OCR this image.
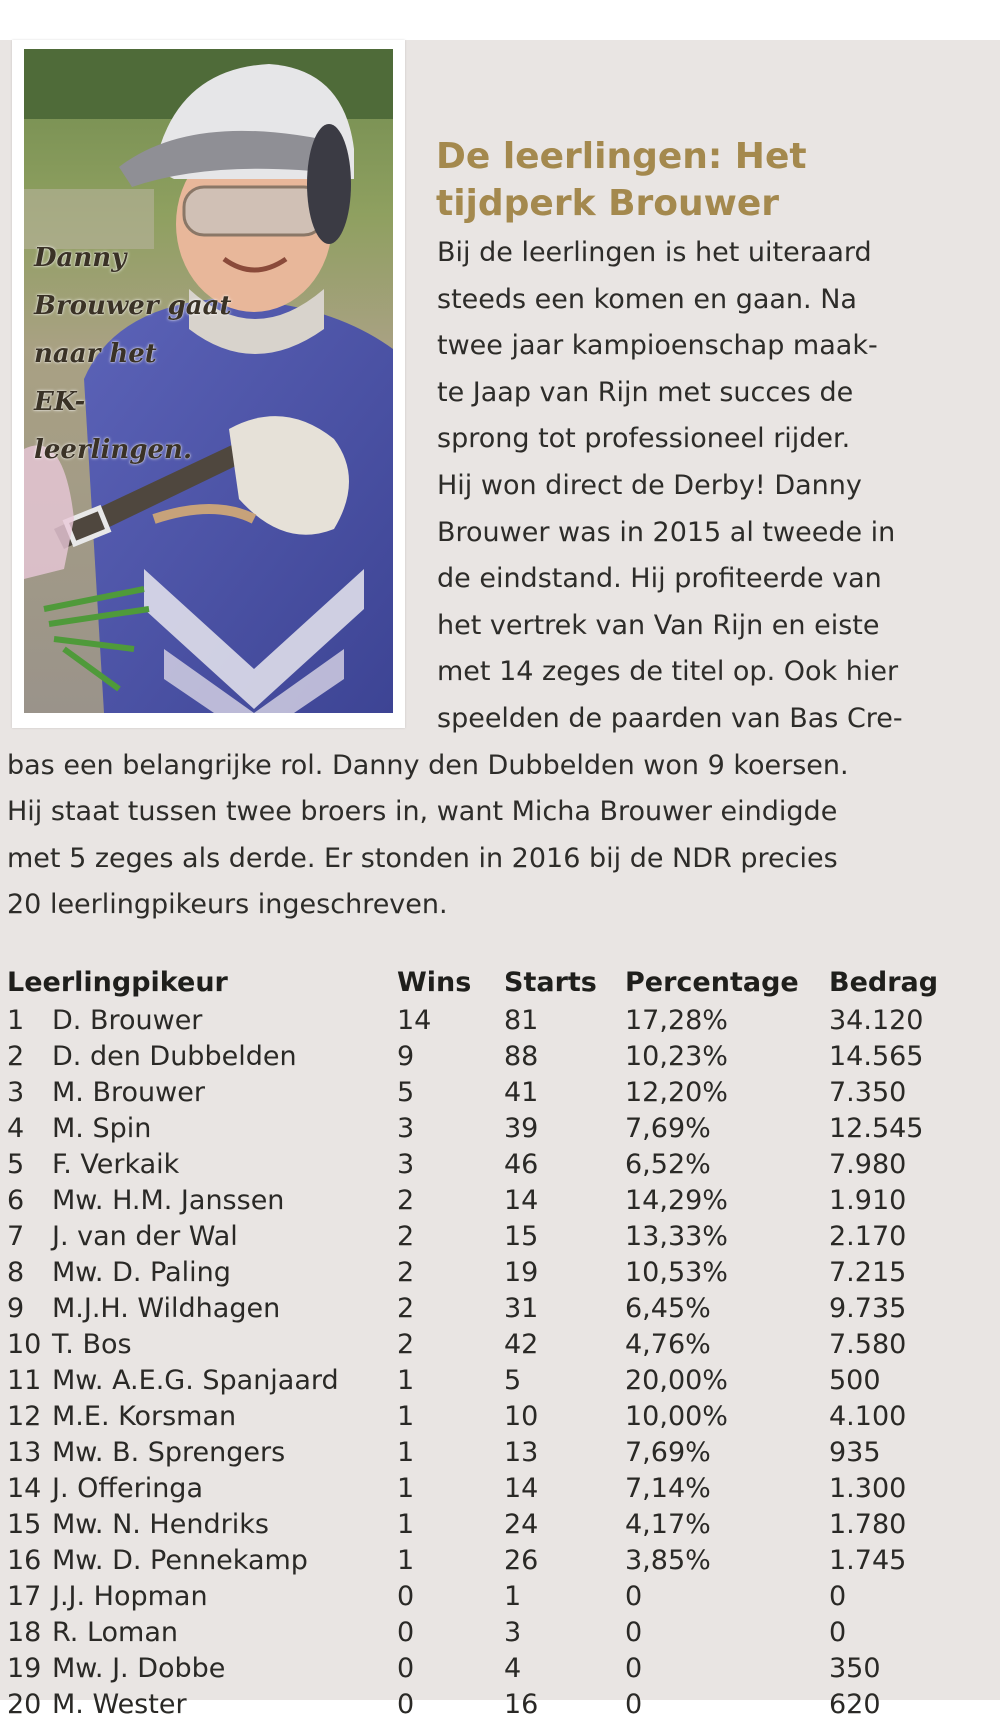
Danny
Brouwer gaat
naar het
EK-leerlingen.
De leerlingen: Het
tijdperk Brouwer
Bij de leerlingen is het uiteraard
steeds een komen en gaan. Na
twee jaar kampioenschap maak-
te Jaap van Rijn met succes de
sprong tot professioneel rijder.
Hij won direct de Derby! Danny
Brouwer was in 2015 al tweede in
de eindstand. Hij profiteerde van
het vertrek van Van Rijn en eiste
met 14 zeges de titel op. Ook hier
speelden de paarden van Bas Cre-
bas een belangrijke rol. Danny den Dubbelden won 9 koersen.
Hij staat tussen twee broers in, want Micha Brouwer eindigde
met 5 zeges als derde. Er stonden in 2016 bij de NDR precies
20 leerlingpikeurs ingeschreven.
Leerlingpikeur	Wins Starts Percentage Bedrag
1 D. Brouwer	14	81	17,28%	34.120
2 D. den Dubbelden	9	88	10,23%	14.565
3 M. Brouwer	5	41	12,20%	7.350
4 M. Spin	3	39	7,69%	12.545
5 F. Verkaik	3	46	6,52%	7.980
6 Mw. H.M. Janssen	2	14	14,29%	1.910
7 J. van der Wal	2	15	13,33%	2.170
8 Mw. D. Paling	2	19	10,53%	7.215
9 M.J.H. Wildhagen	2	31	6,45%	9.735
10 T. Bos	2	42	4,76%	7.580
11 Mw. A.E.G. Spanjaard 1	5	20,00%	500
12 M.E. Korsman	1	10	10,00%	4.100
13 Mw. B. Sprengers	1	13	7,69%	935
14 J. Offeringa	1	14	7,14%	1.300
15 Mw. N. Hendriks	1	24	4,17%	1.780
16 Mw. D. Pennekamp	1	26	3,85%	1.745
17 J.J. Hopman	0	1	0	0
18 R. Loman	0	3	0	0
19 Mw. J. Dobbe	0	4	0	350
20 M. Wester	0	16	0	620
